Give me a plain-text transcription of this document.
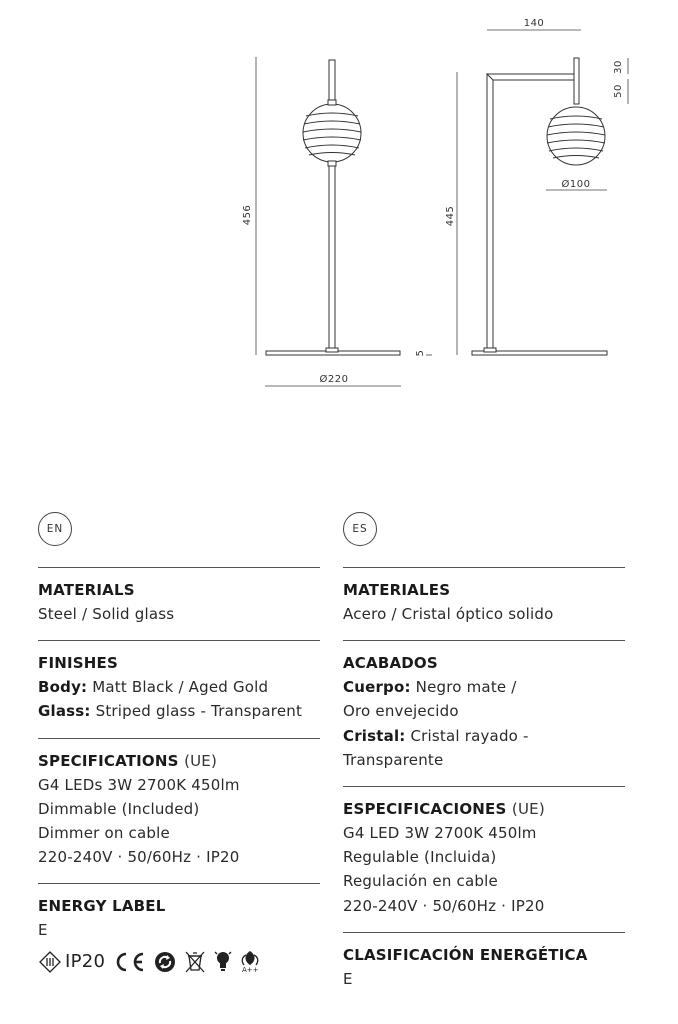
456
Ø220
5
445
140
30
50
Ø100
EN
MATERIALS
Steel / Solid glass
FINISHES
Body: Matt Black / Aged Gold
Glass: Striped glass - Transparent
SPECIFICATIONS (UE)
G4 LEDs 3W 2700K 450lm
Dimmable (Included)
Dimmer on cable
220-240V · 50/60Hz · IP20
ENERGY LABEL
E
IP20	A++
ES
MATERIALES
Acero / Cristal óptico solido
ACABADOS
Cuerpo: Negro mate /
Oro envejecido
Cristal: Cristal rayado -
Transparente
ESPECIFICACIONES (UE)
G4 LED 3W 2700K 450lm
Regulable (Incluida)
Regulación en cable
220-240V · 50/60Hz · IP20
CLASIFICACIÓN ENERGÉTICA
E
